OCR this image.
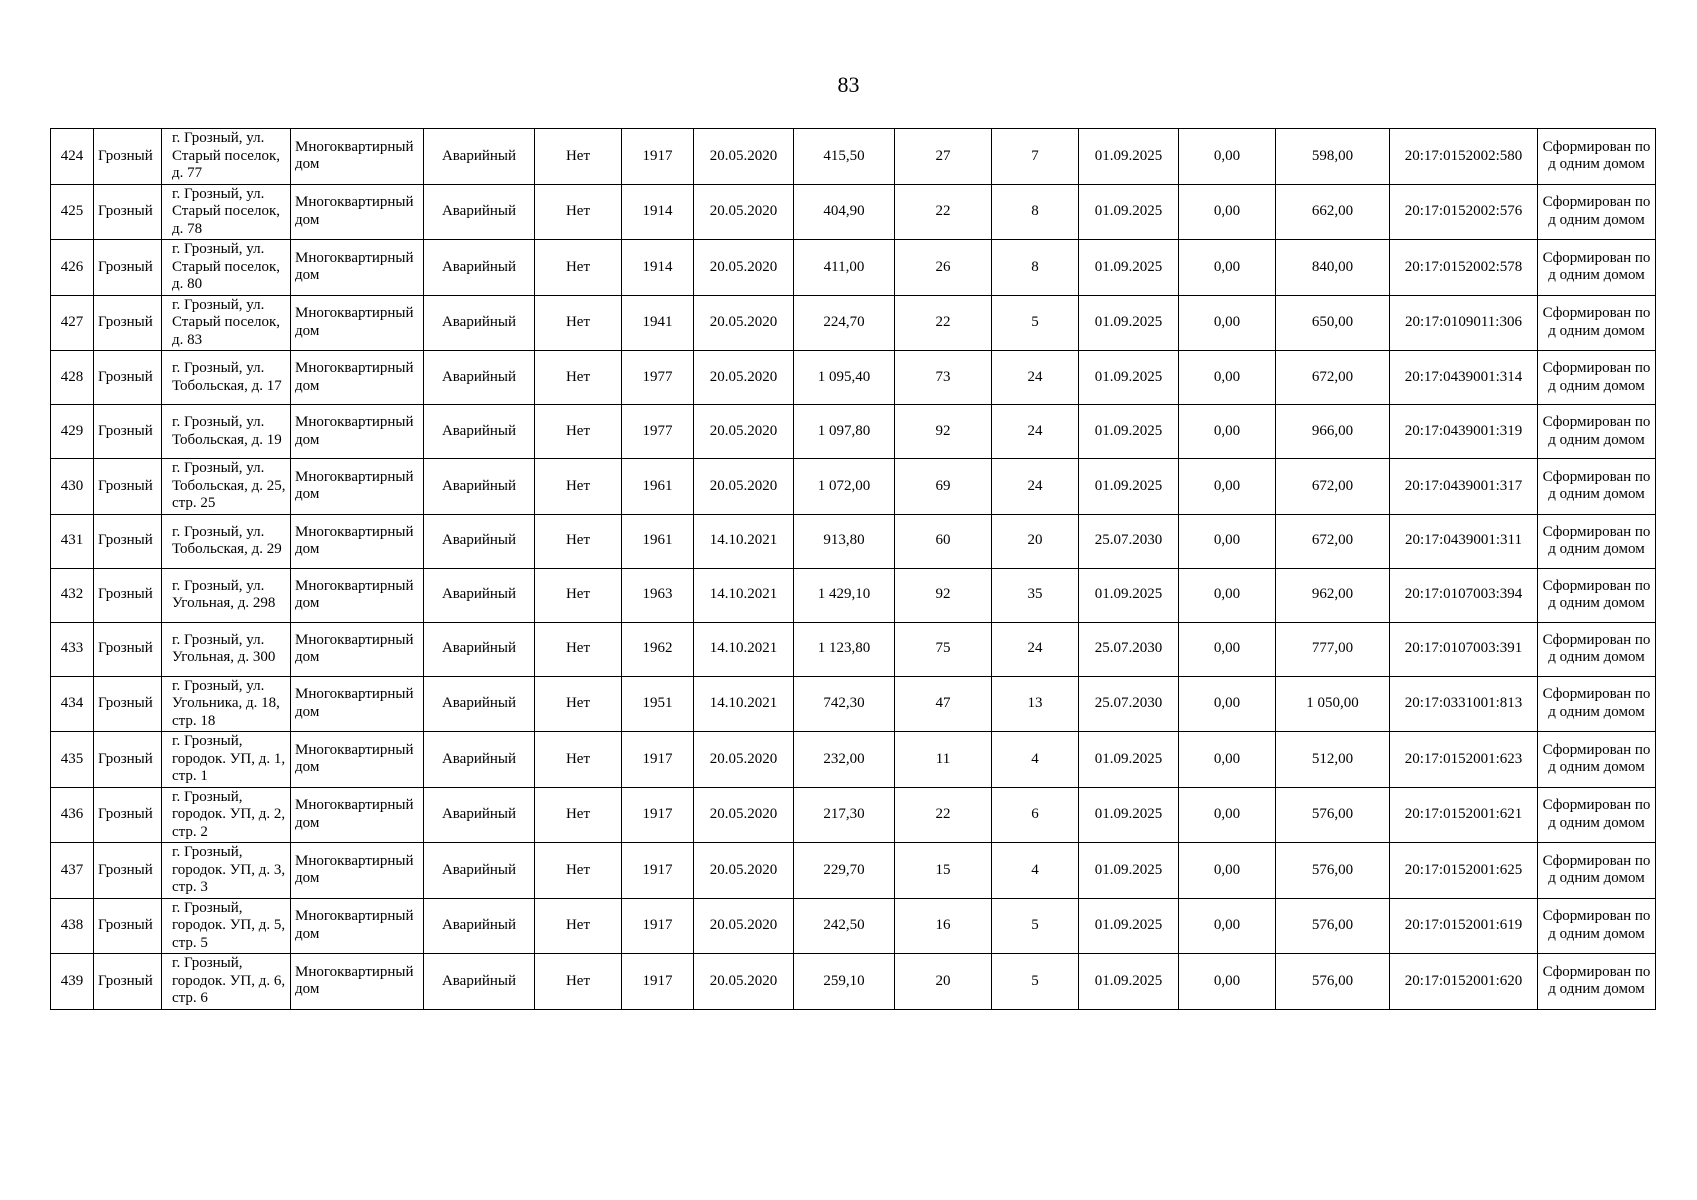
83
424	Грозный	г. Грозный, ул. Старый поселок, д. 77	Многоквартирный дом	Аварийный	Нет	1917	20.05.2020	415,50	27	7	01.09.2025	0,00	598,00	20:17:0152002:580	Сформирован под одним домом
425	Грозный	г. Грозный, ул. Старый поселок, д. 78	Многоквартирный дом	Аварийный	Нет	1914	20.05.2020	404,90	22	8	01.09.2025	0,00	662,00	20:17:0152002:576	Сформирован под одним домом
426	Грозный	г. Грозный, ул. Старый поселок, д. 80	Многоквартирный дом	Аварийный	Нет	1914	20.05.2020	411,00	26	8	01.09.2025	0,00	840,00	20:17:0152002:578	Сформирован под одним домом
427	Грозный	г. Грозный, ул. Старый поселок, д. 83	Многоквартирный дом	Аварийный	Нет	1941	20.05.2020	224,70	22	5	01.09.2025	0,00	650,00	20:17:0109011:306	Сформирован под одним домом
428	Грозный	г. Грозный, ул. Тобольская, д. 17	Многоквартирный дом	Аварийный	Нет	1977	20.05.2020	1 095,40	73	24	01.09.2025	0,00	672,00	20:17:0439001:314	Сформирован под одним домом
429	Грозный	г. Грозный, ул. Тобольская, д. 19	Многоквартирный дом	Аварийный	Нет	1977	20.05.2020	1 097,80	92	24	01.09.2025	0,00	966,00	20:17:0439001:319	Сформирован под одним домом
430	Грозный	г. Грозный, ул. Тобольская, д. 25, стр. 25	Многоквартирный дом	Аварийный	Нет	1961	20.05.2020	1 072,00	69	24	01.09.2025	0,00	672,00	20:17:0439001:317	Сформирован под одним домом
431	Грозный	г. Грозный, ул. Тобольская, д. 29	Многоквартирный дом	Аварийный	Нет	1961	14.10.2021	913,80	60	20	25.07.2030	0,00	672,00	20:17:0439001:311	Сформирован под одним домом
432	Грозный	г. Грозный, ул. Угольная, д. 298	Многоквартирный дом	Аварийный	Нет	1963	14.10.2021	1 429,10	92	35	01.09.2025	0,00	962,00	20:17:0107003:394	Сформирован под одним домом
433	Грозный	г. Грозный, ул. Угольная, д. 300	Многоквартирный дом	Аварийный	Нет	1962	14.10.2021	1 123,80	75	24	25.07.2030	0,00	777,00	20:17:0107003:391	Сформирован под одним домом
434	Грозный	г. Грозный, ул. Угольника, д. 18, стр. 18	Многоквартирный дом	Аварийный	Нет	1951	14.10.2021	742,30	47	13	25.07.2030	0,00	1 050,00	20:17:0331001:813	Сформирован под одним домом
435	Грозный	г. Грозный, городок. УП, д. 1, стр. 1	Многоквартирный дом	Аварийный	Нет	1917	20.05.2020	232,00	11	4	01.09.2025	0,00	512,00	20:17:0152001:623	Сформирован под одним домом
436	Грозный	г. Грозный, городок. УП, д. 2, стр. 2	Многоквартирный дом	Аварийный	Нет	1917	20.05.2020	217,30	22	6	01.09.2025	0,00	576,00	20:17:0152001:621	Сформирован под одним домом
437	Грозный	г. Грозный, городок. УП, д. 3, стр. 3	Многоквартирный дом	Аварийный	Нет	1917	20.05.2020	229,70	15	4	01.09.2025	0,00	576,00	20:17:0152001:625	Сформирован под одним домом
438	Грозный	г. Грозный, городок. УП, д. 5, стр. 5	Многоквартирный дом	Аварийный	Нет	1917	20.05.2020	242,50	16	5	01.09.2025	0,00	576,00	20:17:0152001:619	Сформирован под одним домом
439	Грозный	г. Грозный, городок. УП, д. 6, стр. 6	Многоквартирный дом	Аварийный	Нет	1917	20.05.2020	259,10	20	5	01.09.2025	0,00	576,00	20:17:0152001:620	Сформирован под одним домом
